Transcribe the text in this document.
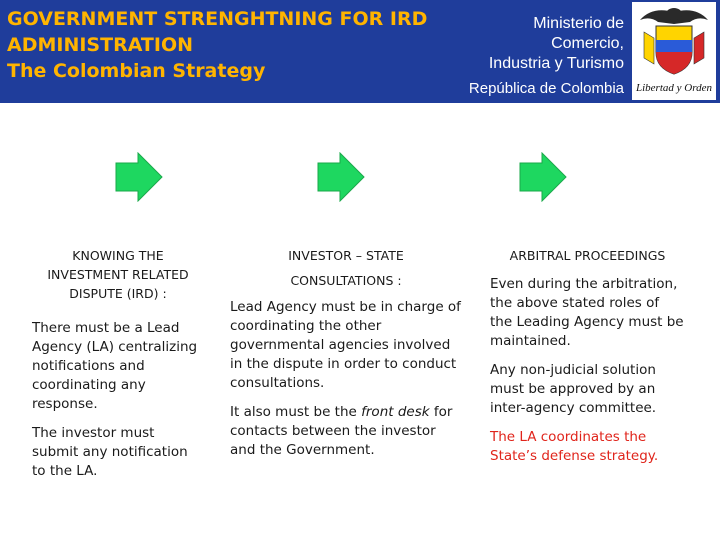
GOVERNMENT STRENGHTNING FOR IRD
ADMINISTRATION
The Colombian Strategy
Ministerio de
Comercio,
Industria y Turismo
República de Colombia	Libertad y Orden
KNOWING THE
INVESTMENT RELATED
DISPUTE (IRD) :

There must be a Lead Agency (LA) centralizing notifications and coordinating any response.

The investor must submit any notification to the LA.

INVESTOR – STATE
CONSULTATIONS :

Lead Agency must be in charge of coordinating the other governmental agencies involved in the dispute in order to conduct consultations.

It also must be the front desk for contacts between the investor and the Government.

ARBITRAL PROCEEDINGS

Even during the arbitration, the above stated roles of the Leading Agency must be maintained.

Any non-judicial solution must be approved by an inter-agency committee.

The LA coordinates the State’s defense strategy.
